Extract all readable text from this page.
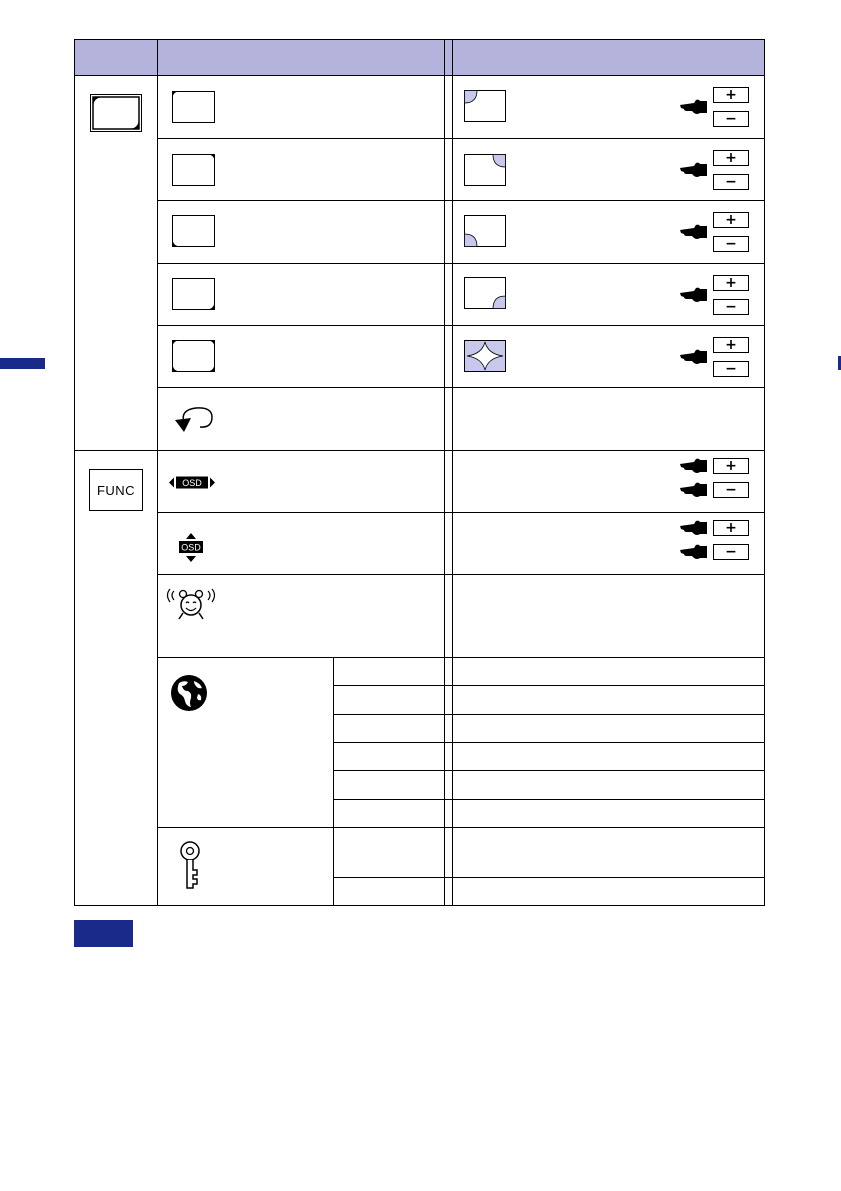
FUNC	OSD
OSD
+
−
+
−
+
−
+
−
+
−
+
−
+
−
